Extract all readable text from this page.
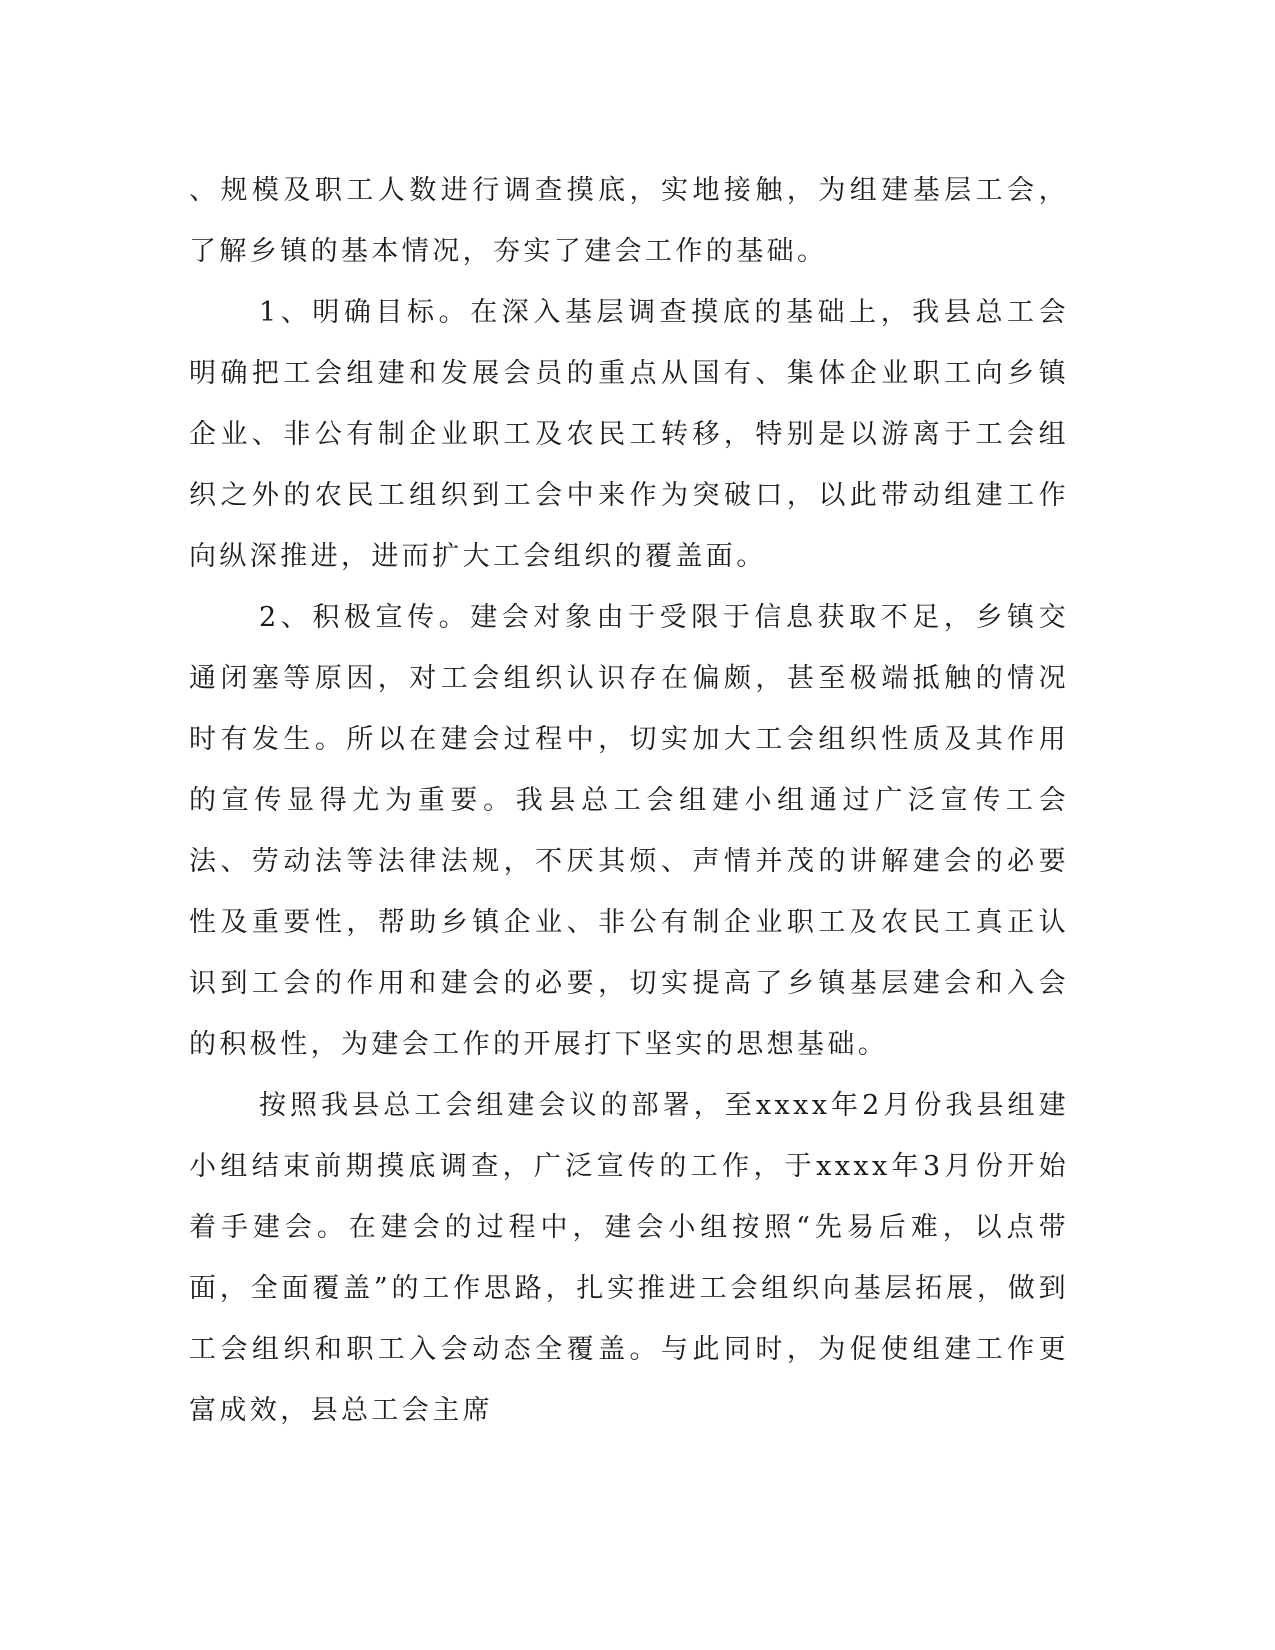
、规模及职工人数进行调查摸底，实地接触，为组建基层工会，了解乡镇的基本情况，夯实了建会工作的基础。

1、明确目标。在深入基层调查摸底的基础上，我县总工会明确把工会组建和发展会员的重点从国有、集体企业职工向乡镇企业、非公有制企业职工及农民工转移，特别是以游离于工会组织之外的农民工组织到工会中来作为突破口，以此带动组建工作向纵深推进，进而扩大工会组织的覆盖面。

2、积极宣传。建会对象由于受限于信息获取不足，乡镇交通闭塞等原因，对工会组织认识存在偏颇，甚至极端抵触的情况时有发生。所以在建会过程中，切实加大工会组织性质及其作用的宣传显得尤为重要。我县总工会组建小组通过广泛宣传工会法、劳动法等法律法规，不厌其烦、声情并茂的讲解建会的必要性及重要性，帮助乡镇企业、非公有制企业职工及农民工真正认识到工会的作用和建会的必要，切实提高了乡镇基层建会和入会的积极性，为建会工作的开展打下坚实的思想基础。

按照我县总工会组建会议的部署，至xxxx年2月份我县组建小组结束前期摸底调查，广泛宣传的工作，于xxxx年3月份开始着手建会。在建会的过程中，建会小组按照“先易后难，以点带面，全面覆盖”的工作思路，扎实推进工会组织向基层拓展，做到工会组织和职工入会动态全覆盖。与此同时，为促使组建工作更富成效，县总工会主席
